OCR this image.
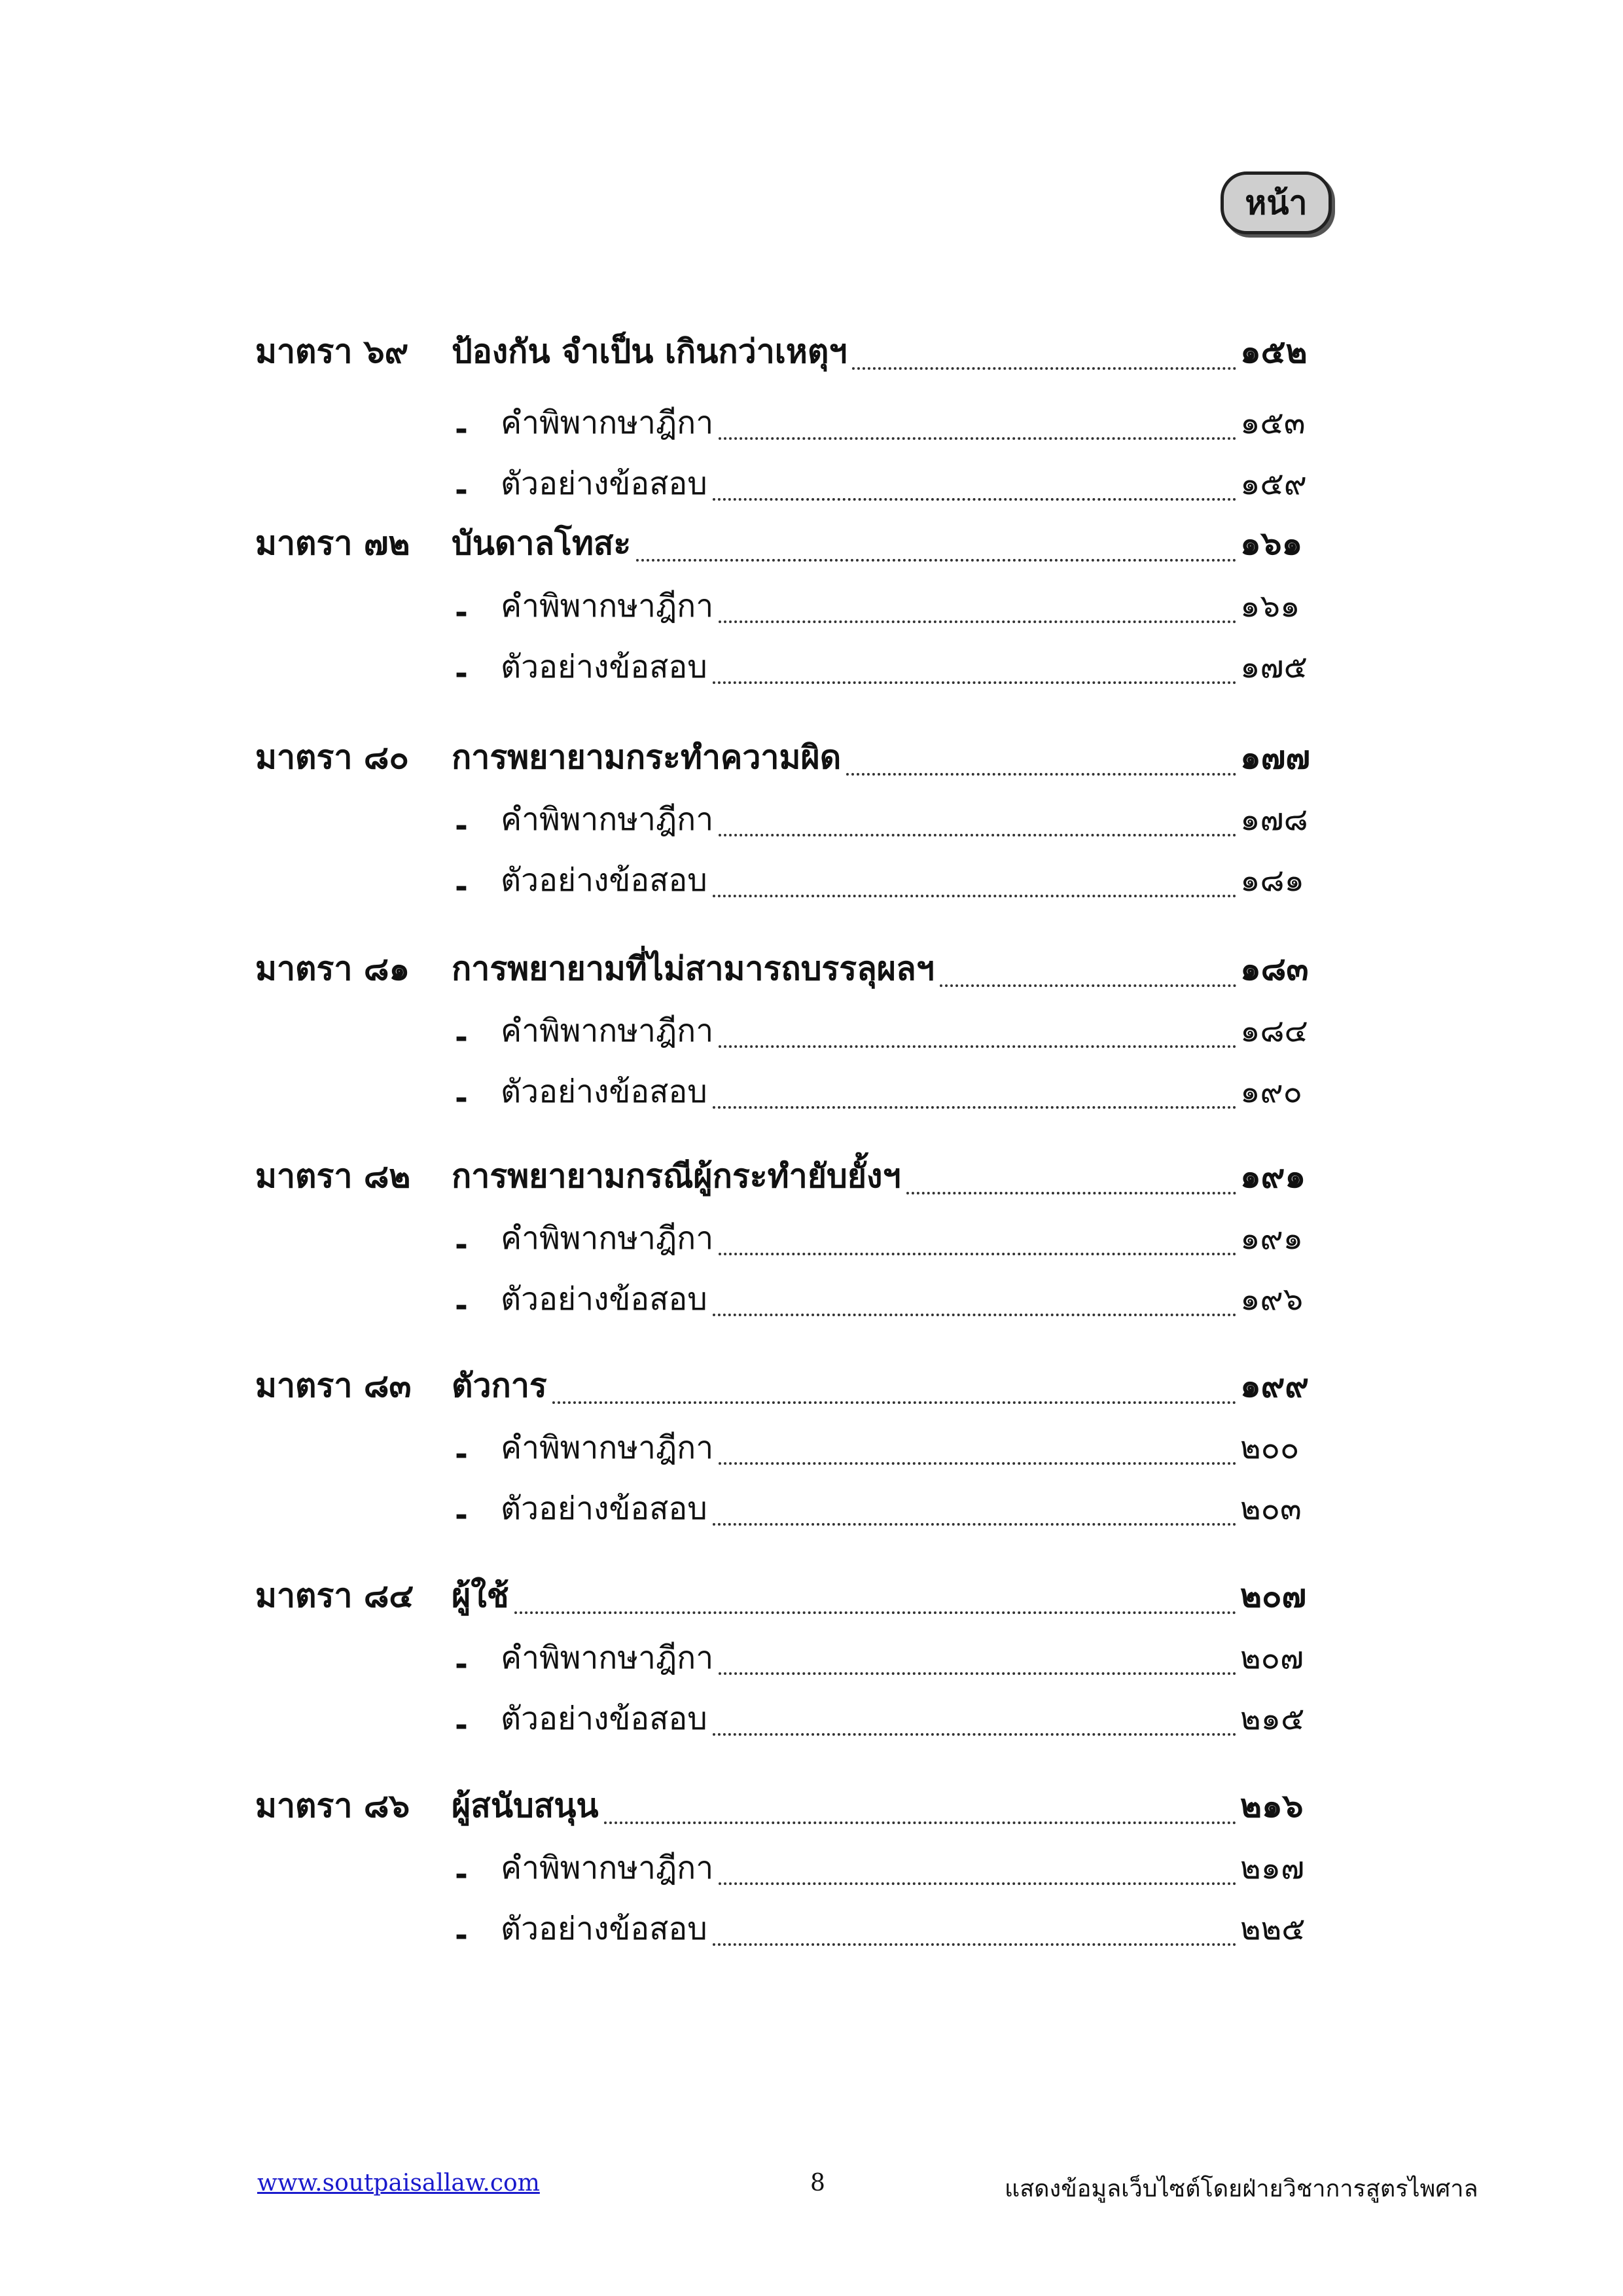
หน้า
มาตรา ๖๙	ป้องกัน จำเป็น เกินกว่าเหตุฯ	๑๕๒
-	คำพิพากษาฎีกา	๑๕๓
-	ตัวอย่างข้อสอบ	๑๕๙
มาตรา ๗๒	บันดาลโทสะ	๑๖๑
-	คำพิพากษาฎีกา	๑๖๑
-	ตัวอย่างข้อสอบ	๑๗๕
มาตรา ๘๐	การพยายามกระทำความผิด	๑๗๗
-	คำพิพากษาฎีกา	๑๗๘
-	ตัวอย่างข้อสอบ	๑๘๑
มาตรา ๘๑	การพยายามที่ไม่สามารถบรรลุผลฯ	๑๘๓
-	คำพิพากษาฎีกา	๑๘๔
-	ตัวอย่างข้อสอบ	๑๙๐
มาตรา ๘๒	การพยายามกรณีผู้กระทำยับยั้งฯ	๑๙๑
-	คำพิพากษาฎีกา	๑๙๑
-	ตัวอย่างข้อสอบ	๑๙๖
มาตรา ๘๓	ตัวการ	๑๙๙
-	คำพิพากษาฎีกา	๒๐๐
-	ตัวอย่างข้อสอบ	๒๐๓
มาตรา ๘๔	ผู้ใช้	๒๐๗
-	คำพิพากษาฎีกา	๒๐๗
-	ตัวอย่างข้อสอบ	๒๑๕
มาตรา ๘๖	ผู้สนับสนุน	๒๑๖
-	คำพิพากษาฎีกา	๒๑๗
-	ตัวอย่างข้อสอบ	๒๒๕
www.soutpaisallaw.com	8	แสดงข้อมูลเว็บไซต์โดยฝ่ายวิชาการสูตรไพศาล
